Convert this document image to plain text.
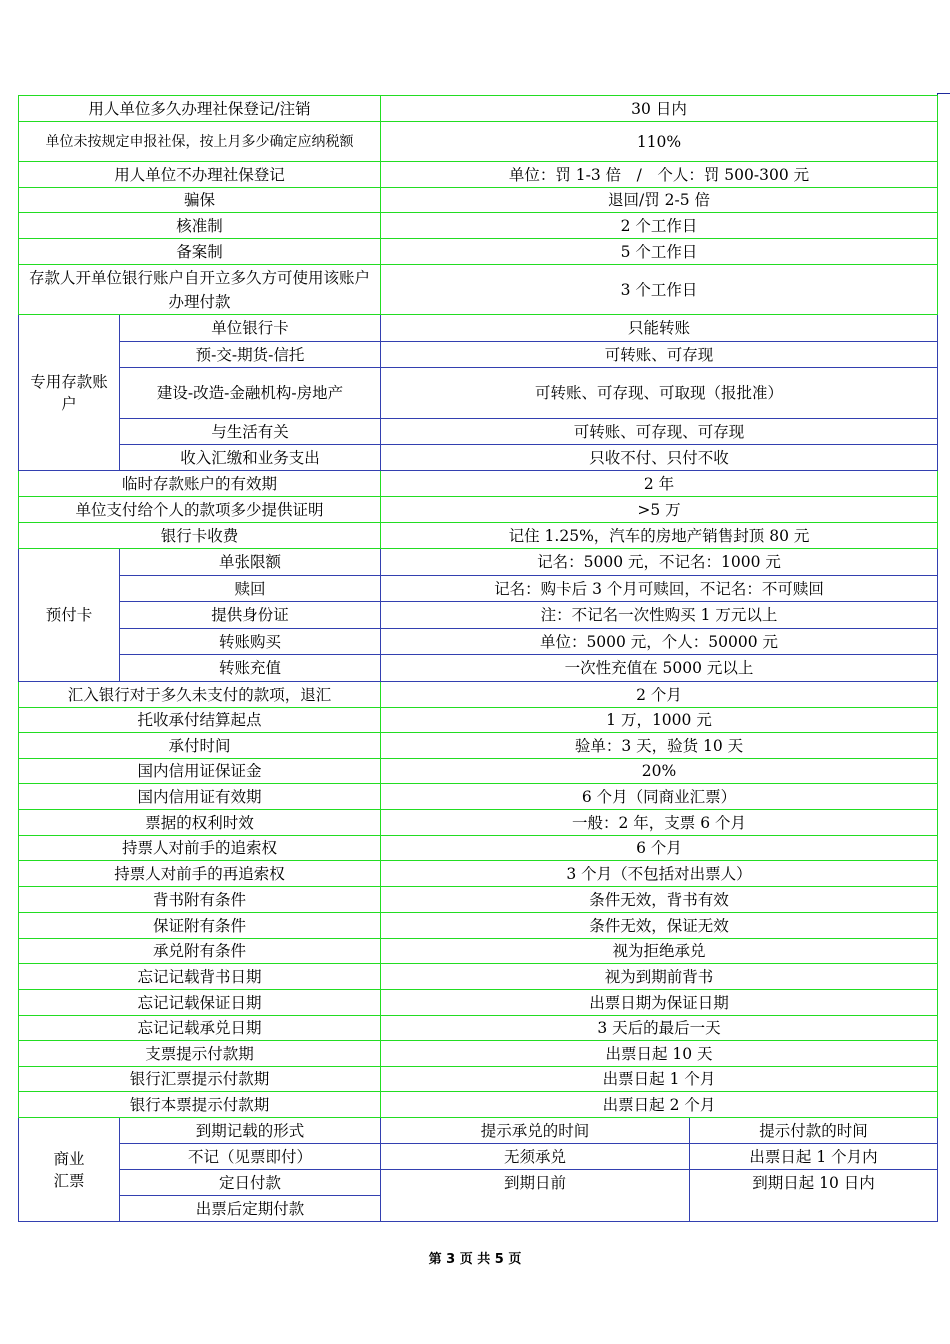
用人单位多久办理社保登记/注销		30 日内	
单位未按规定申报社保，按上月多少确定应纳税额		110%	
用人单位不办理社保登记		单位：罚 1-3 倍　/　个人：罚 500-300 元	
骗保		退回/罚 2-5 倍	
核准制		2 个工作日	
备案制		5 个工作日	
存款人开单位银行账户自开立多久方可使用该账户办理付款		3 个工作日	
专用存款账户	单位银行卡	只能转账	
	预-交-期货-信托	可转账、可存现	
	建设-改造-金融机构-房地产	可转账、可存现、可取现（报批准）	
	与生活有关	可转账、可存现、可存现	
	收入汇缴和业务支出	只收不付、只付不收	
临时存款账户的有效期		2 年	
单位支付给个人的款项多少提供证明		>5 万	
银行卡收费		记住 1.25%，汽车的房地产销售封顶 80 元	
预付卡	单张限额	记名：5000 元，不记名：1000 元	
	赎回	记名：购卡后 3 个月可赎回，不记名：不可赎回	
	提供身份证	注：不记名一次性购买 1 万元以上	
	转账购买	单位：5000 元，个人：50000 元	
	转账充值	一次性充值在 5000 元以上	
汇入银行对于多久未支付的款项，退汇		2 个月	
托收承付结算起点		1 万，1000 元	
承付时间		验单：3 天，验货 10 天	
国内信用证保证金		20%	
国内信用证有效期		6 个月（同商业汇票）	
票据的权利时效		一般：2 年，支票 6 个月	
持票人对前手的追索权		6 个月	
持票人对前手的再追索权		3 个月（不包括对出票人）	
背书附有条件		条件无效，背书有效	
保证附有条件		条件无效，保证无效	
承兑附有条件		视为拒绝承兑	
忘记记载背书日期		视为到期前背书	
忘记记载保证日期		出票日期为保证日期	
忘记记载承兑日期		3 天后的最后一天	
支票提示付款期		出票日起 10 天	
银行汇票提示付款期		出票日起 1 个月	
银行本票提示付款期		出票日起 2 个月	

商业
汇票	到期记载的形式	提示承兑的时间	提示付款的时间
	不记（见票即付）	无须承兑	出票日起 1 个月内
	定日付款	到期日前	到期日起 10 日内
	出票后定期付款		
第 3 页 共 5 页
